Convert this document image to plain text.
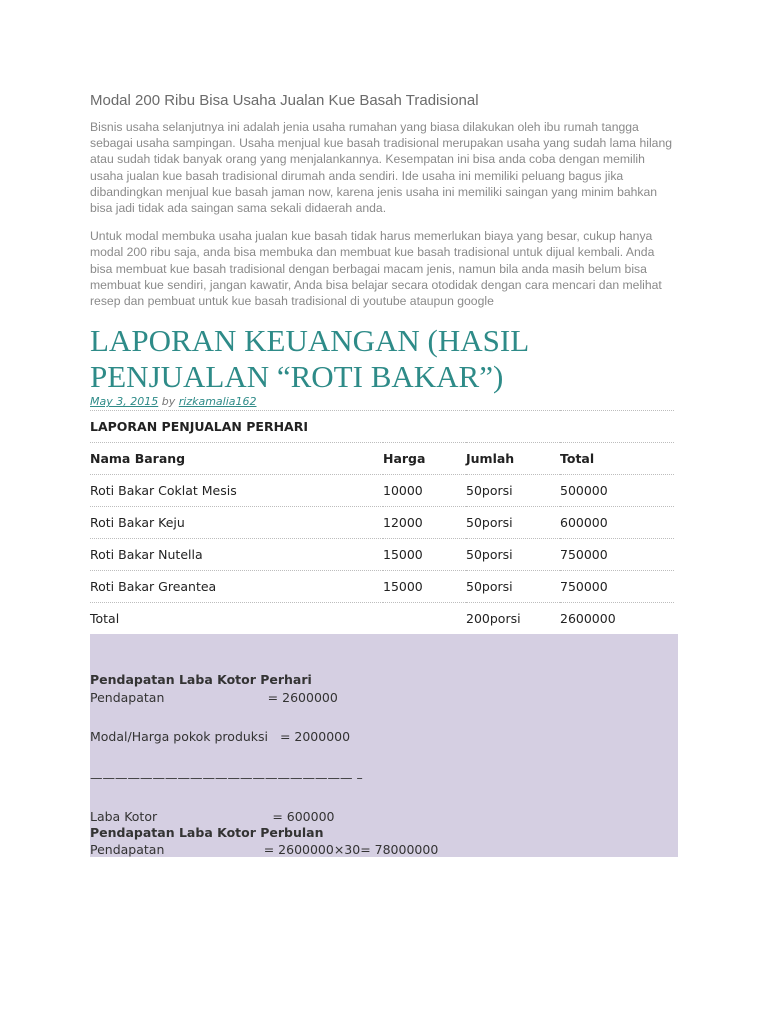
Modal 200 Ribu Bisa Usaha Jualan Kue Basah Tradisional

Bisnis usaha selanjutnya ini adalah jenia usaha rumahan yang biasa dilakukan oleh ibu rumah tangga sebagai usaha sampingan. Usaha menjual kue basah tradisional merupakan usaha yang sudah lama hilang atau sudah tidak banyak orang yang menjalankannya. Kesempatan ini bisa anda coba dengan memilih usaha jualan kue basah tradisional dirumah anda sendiri. Ide usaha ini memiliki peluang bagus jika dibandingkan menjual kue basah jaman now, karena jenis usaha ini memiliki saingan yang minim bahkan bisa jadi tidak ada saingan sama sekali didaerah anda.

Untuk modal membuka usaha jualan kue basah tidak harus memerlukan biaya yang besar, cukup hanya modal 200 ribu saja, anda bisa membuka dan membuat kue basah tradisional untuk dijual kembali. Anda bisa membuat kue basah tradisional dengan berbagai macam jenis, namun bila anda masih belum bisa membuat kue sendiri, jangan kawatir, Anda bisa belajar secara otodidak dengan cara mencari dan melihat resep dan pembuat untuk kue basah tradisional di youtube ataupun google

LAPORAN KEUANGAN (HASIL PENJUALAN “ROTI BAKAR”)
May 3, 2015 by rizkamalia162
LAPORAN PENJUALAN PERHARI			
Nama Barang	Harga	Jumlah	Total
Roti Bakar Coklat Mesis	10000	50porsi	500000
Roti Bakar Keju	12000	50porsi	600000
Roti Bakar Nutella	15000	50porsi	750000
Roti Bakar Greantea	15000	50porsi	750000
Total		200porsi	2600000
Pendapatan Laba Kotor Perhari
Pendapatan                          = 2600000
Modal/Harga pokok produksi   = 2000000
————————————————————— –
Laba Kotor                             = 600000
Pendapatan Laba Kotor Perbulan
Pendapatan                         = 2600000×30= 78000000
